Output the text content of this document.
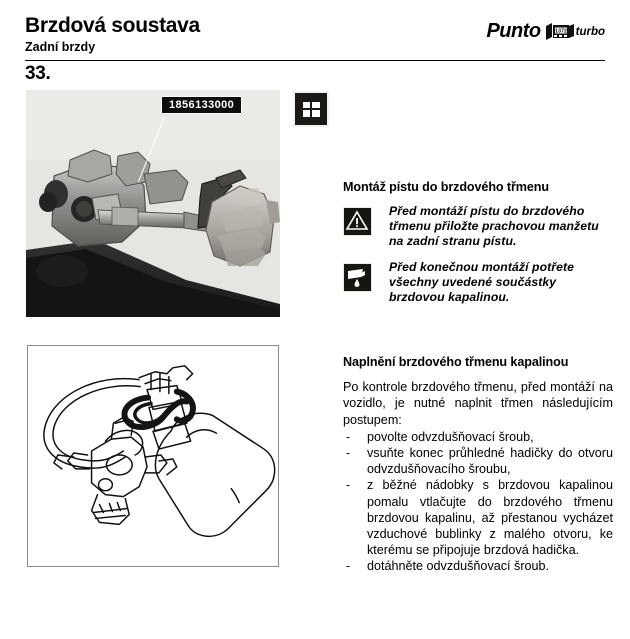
Brzdová soustava
Zadní brzdy
Punto	1372 turbo
33.
1856133000
Montáž pístu do brzdového třmenu
Před montáží pístu do brzdového třmenu přiložte prachovou manžetu na zadní stranu pístu.
Před konečnou montáží potřete všechny uvedené součástky brzdovou kapalinou.
Naplnění brzdového třmenu kapalinou

Po kontrole brzdového třmenu, před montáží na vozidlo, je nutné naplnit třmen následujícím postupem:

- povolte odvzdušňovací šroub,
- vsuňte konec průhledné hadičky do otvoru odvzdušňovacího šroubu,
- z běžné nádobky s brzdovou kapalinou pomalu vtlačujte do brzdového třmenu brzdovou kapalinu, až přestanou vycházet vzduchové bublinky z malého otvoru, ke kterému se připojuje brzdová hadička.
- dotáhněte odvzdušňovací šroub.
